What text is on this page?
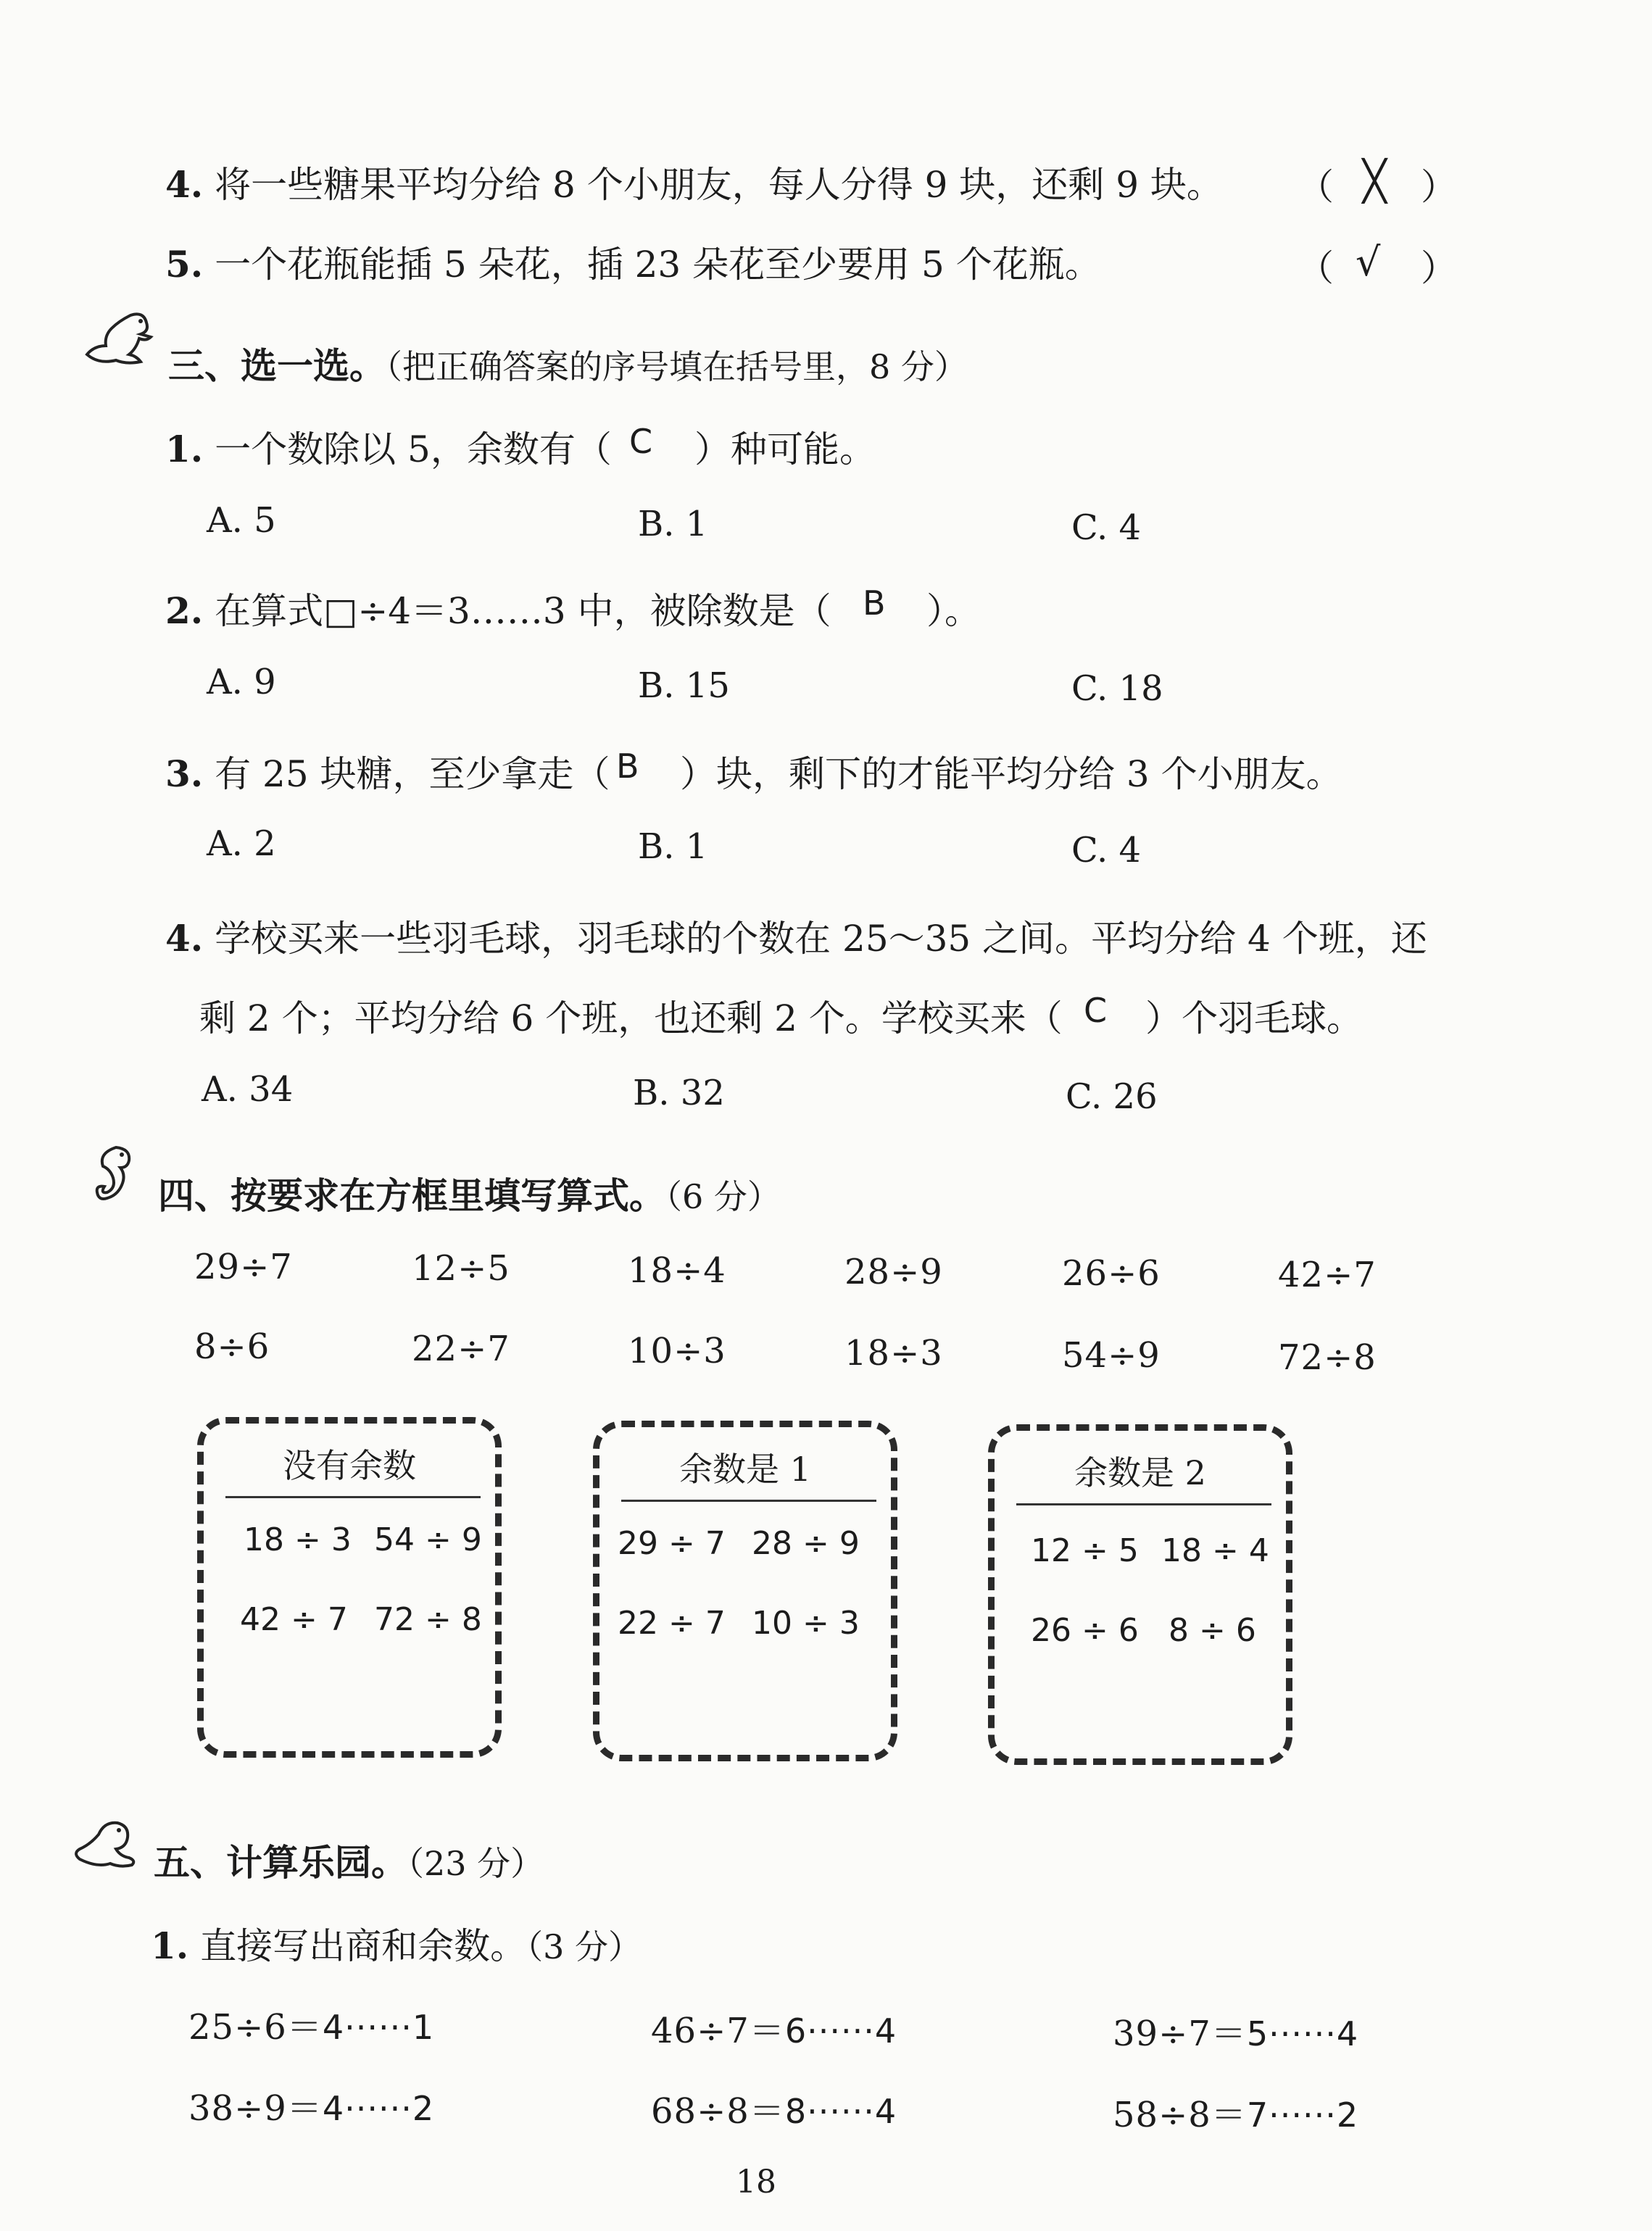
4. 将一些糖果平均分给 8 个小朋友，每人分得 9 块，还剩 9 块。 （ ╳ ）
5. 一个花瓶能插 5 朵花，插 23 朵花至少要用 5 个花瓶。	（ √ ）
三、选一选。（把正确答案的序号填在括号里，8 分）
1. 一个数除以 5，余数有（ C ）种可能。
A. 5	B. 1	C. 4
2. 在算式□÷4＝3……3 中，被除数是（ B ）。
A. 9	B. 15	C. 18
3. 有 25 块糖，至少拿走（ B ）块，剩下的才能平均分给 3 个小朋友。
A. 2	B. 1	C. 4
4. 学校买来一些羽毛球，羽毛球的个数在 25～35 之间。平均分给 4 个班，还
剩 2 个；平均分给 6 个班，也还剩 2 个。学校买来（ C ）个羽毛球。
A. 34	B. 32	C. 26
四、按要求在方框里填写算式。（6 分）
29÷7	12÷5	18÷4	28÷9	26÷6	42÷7
8÷6	22÷7	10÷3	18÷3	54÷9	72÷8
没有余数
18 ÷ 3 54 ÷ 9
42 ÷ 7 72 ÷ 8
余数是 1
29 ÷ 7 28 ÷ 9
22 ÷ 7 10 ÷ 3
余数是 2
12 ÷ 5 18 ÷ 4
26 ÷ 6 8 ÷ 6
五、计算乐园。（23 分）
1. 直接写出商和余数。（3 分）
25÷6＝4······1	46÷7＝6······4	39÷7＝5······4
38÷9＝4······2	68÷8＝8······4	58÷8＝7······2
18
